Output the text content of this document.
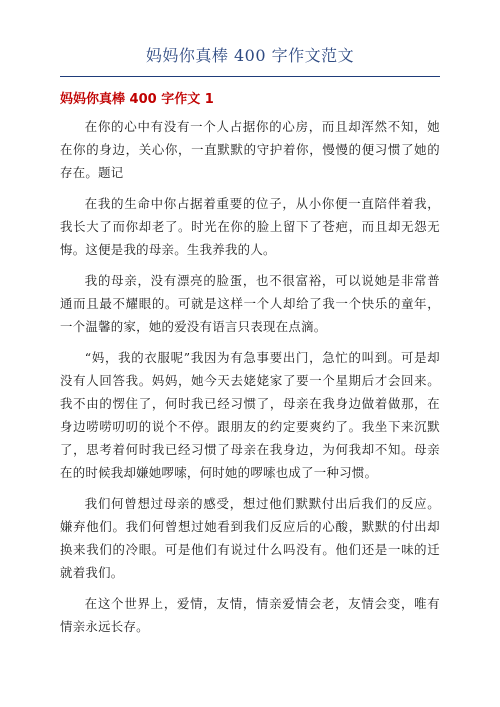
妈妈你真棒 400 字作文范文
妈妈你真棒 400 字作文 1

在你的心中有没有一个人占据你的心房，而且却浑然不知，她在你的身边，关心你，一直默默的守护着你，慢慢的便习惯了她的存在。题记

在我的生命中你占据着重要的位子，从小你便一直陪伴着我，我长大了而你却老了。时光在你的脸上留下了苍疤，而且却无怨无悔。这便是我的母亲。生我养我的人。

我的母亲，没有漂亮的脸蛋，也不很富裕，可以说她是非常普通而且最不耀眼的。可就是这样一个人却给了我一个快乐的童年，一个温馨的家，她的爱没有语言只表现在点滴。

“妈，我的衣服呢”我因为有急事要出门，急忙的叫到。可是却没有人回答我。妈妈，她今天去姥姥家了要一个星期后才会回来。我不由的愣住了，何时我已经习惯了，母亲在我身边做着做那，在身边唠唠叨叨的说个不停。跟朋友的约定要爽约了。我坐下来沉默了，思考着何时我已经习惯了母亲在我身边，为何我却不知。母亲在的时候我却嫌她啰嗦，何时她的啰嗦也成了一种习惯。

我们何曾想过母亲的感受，想过他们默默付出后我们的反应。嫌弃他们。我们何曾想过她看到我们反应后的心酸，默默的付出却换来我们的冷眼。可是他们有说过什么吗没有。他们还是一味的迁就着我们。

在这个世界上，爱情，友情，情亲爱情会老，友情会变，唯有情亲永远长存。
